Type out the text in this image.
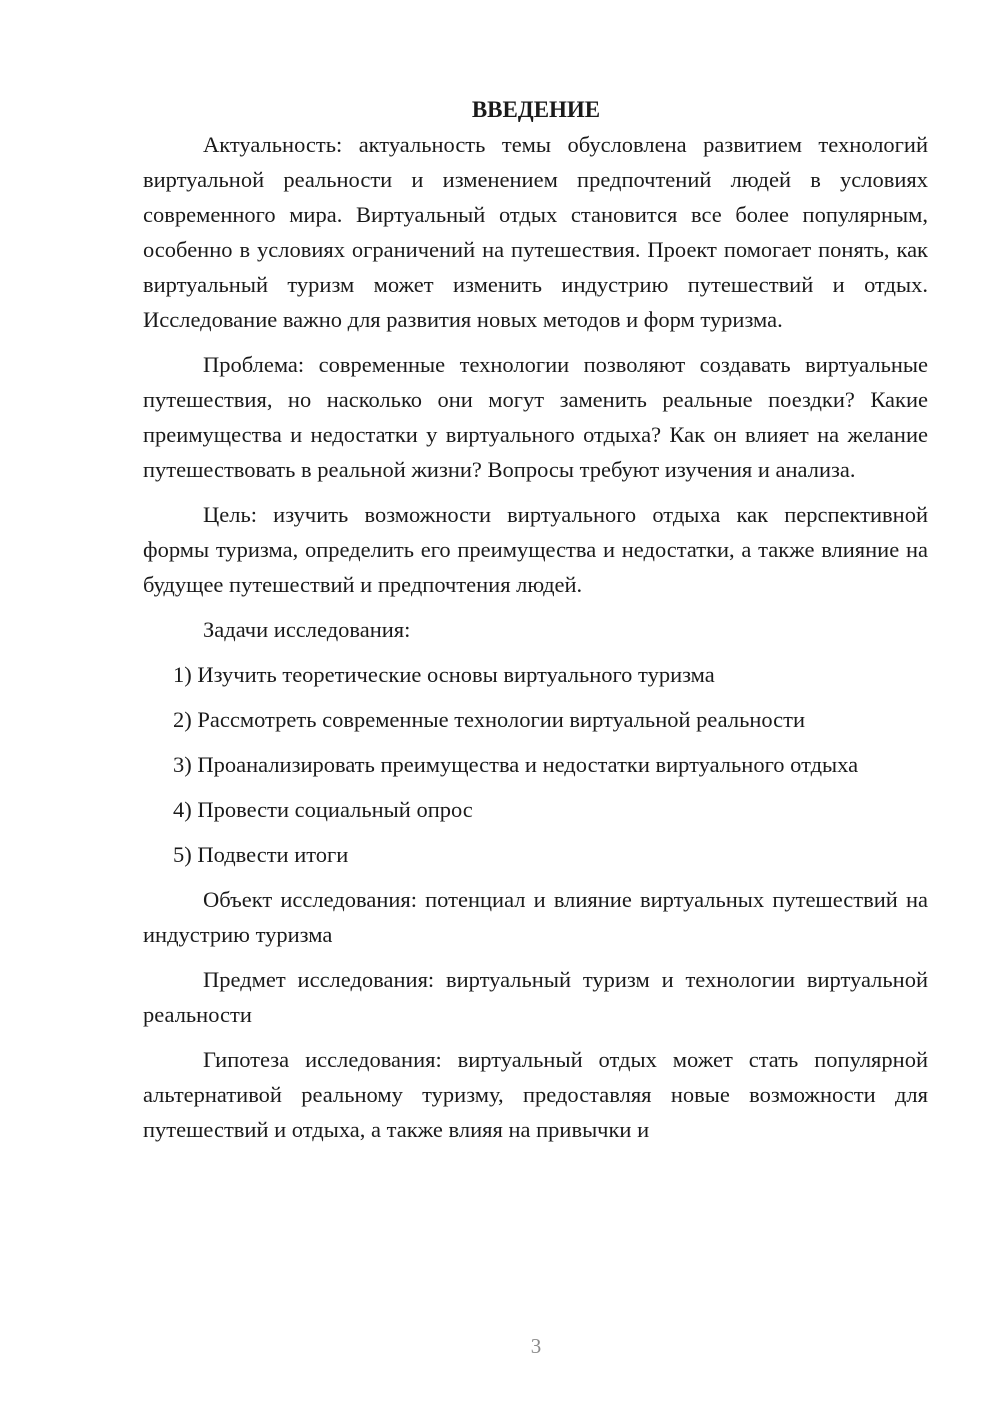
ВВЕДЕНИЕ

Актуальность: актуальность темы обусловлена развитием технологий виртуальной реальности и изменением предпочтений людей в условиях современного мира. Виртуальный отдых становится все более популярным, особенно в условиях ограничений на путешествия. Проект помогает понять, как виртуальный туризм может изменить индустрию путешествий и отдых. Исследование важно для развития новых методов и форм туризма.

Проблема: современные технологии позволяют создавать виртуальные путешествия, но насколько они могут заменить реальные поездки? Какие преимущества и недостатки у виртуального отдыха? Как он влияет на желание путешествовать в реальной жизни? Вопросы требуют изучения и анализа.

Цель: изучить возможности виртуального отдыха как перспективной формы туризма, определить его преимущества и недостатки, а также влияние на будущее путешествий и предпочтения людей.

Задачи исследования:

1) Изучить теоретические основы виртуального туризма

2) Рассмотреть современные технологии виртуальной реальности

3) Проанализировать преимущества и недостатки виртуального отдыха

4) Провести социальный опрос

5) Подвести итоги

Объект исследования: потенциал и влияние виртуальных путешествий на индустрию туризма

Предмет исследования: виртуальный туризм и технологии виртуальной реальности

Гипотеза исследования: виртуальный отдых может стать популярной альтернативой реальному туризму, предоставляя новые возможности для путешествий и отдыха, а также влияя на привычки и

3
